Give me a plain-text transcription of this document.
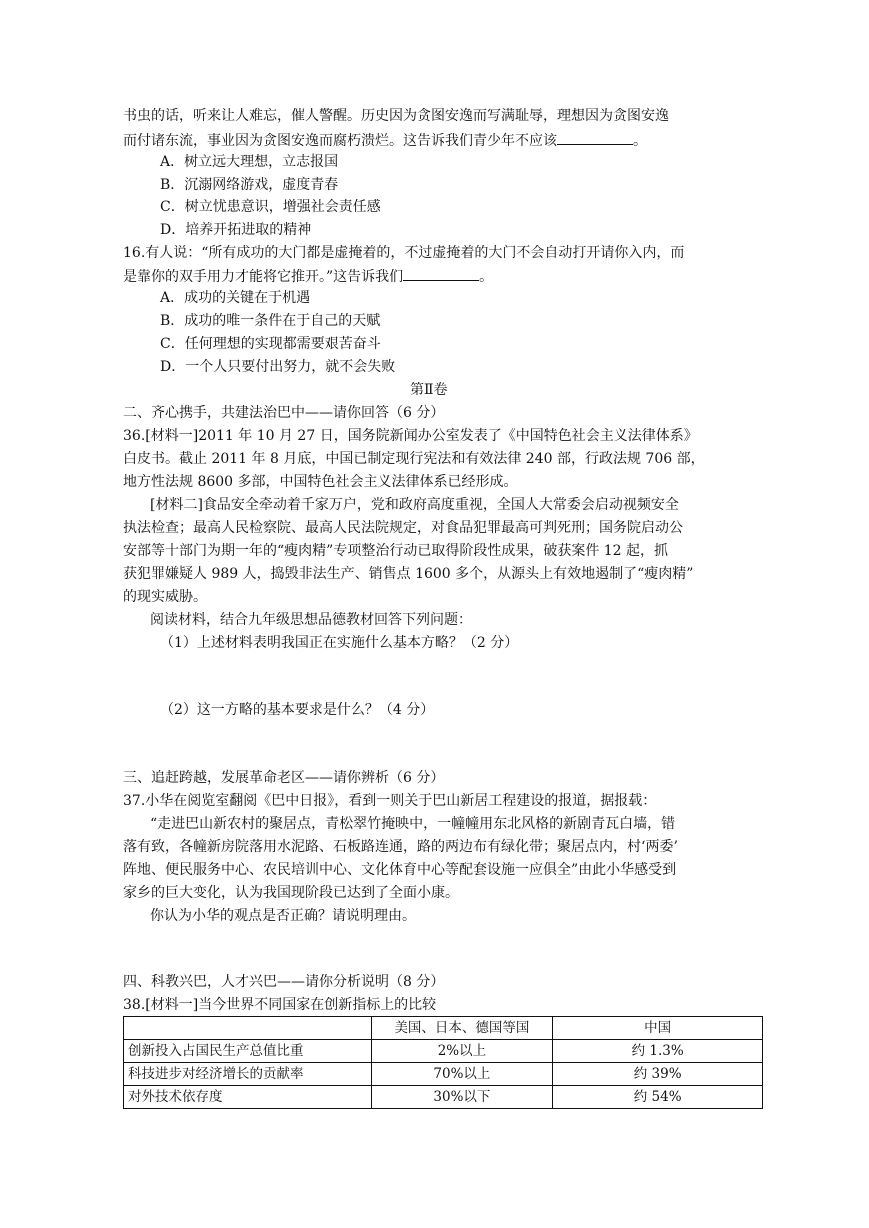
书虫的话，听来让人难忘，催人警醒。历史因为贪图安逸而写满耻辱，理想因为贪图安逸
而付诸东流，事业因为贪图安逸而腐朽溃烂。这告诉我们青少年不应该	。
A．树立远大理想，立志报国
B．沉溺网络游戏，虚度青春
C．树立忧患意识，增强社会责任感
D．培养开拓进取的精神
16.有人说：“所有成功的大门都是虚掩着的，不过虚掩着的大门不会自动打开请你入内，而
是靠你的双手用力才能将它推开。”这告诉我们	。
A．成功的关键在于机遇
B．成功的唯一条件在于自己的天赋
C．任何理想的实现都需要艰苦奋斗
D．一个人只要付出努力，就不会失败
第Ⅱ卷
二、齐心携手，共建法治巴中——请你回答（6 分）
36.[材料一]2011 年 10 月 27 日，国务院新闻办公室发表了《中国特色社会主义法律体系》
白皮书。截止 2011 年 8 月底，中国已制定现行宪法和有效法律 240 部，行政法规 706 部，
地方性法规 8600 多部，中国特色社会主义法律体系已经形成。
[材料二]食品安全牵动着千家万户，党和政府高度重视，全国人大常委会启动视频安全
执法检查；最高人民检察院、最高人民法院规定，对食品犯罪最高可判死刑；国务院启动公
安部等十部门为期一年的“瘦肉精”专项整治行动已取得阶段性成果，破获案件 12 起，抓
获犯罪嫌疑人 989 人，捣毁非法生产、销售点 1600 多个，从源头上有效地遏制了“瘦肉精”
的现实威胁。
阅读材料，结合九年级思想品德教材回答下列问题：
（1）上述材料表明我国正在实施什么基本方略？（2 分）
（2）这一方略的基本要求是什么？（4 分）
三、追赶跨越，发展革命老区——请你辨析（6 分）
37.小华在阅览室翻阅《巴中日报》，看到一则关于巴山新居工程建设的报道，据报载：
“走进巴山新农村的聚居点，青松翠竹掩映中，一幢幢用东北风格的新剧青瓦白墙，错
落有致，各幢新房院落用水泥路、石板路连通，路的两边布有绿化带；聚居点内，村‘两委’
阵地、便民服务中心、农民培训中心、文化体育中心等配套设施一应俱全”由此小华感受到
家乡的巨大变化，认为我国现阶段已达到了全面小康。
你认为小华的观点是否正确？请说明理由。
四、科教兴巴，人才兴巴——请你分析说明（8 分）
38.[材料一]当今世界不同国家在创新指标上的比较
	美国、日本、德国等国	中国
创新投入占国民生产总值比重	2%以上	约 1.3%
科技进步对经济增长的贡献率	70%以上	约 39%
对外技术依存度	30%以下	约 54%
